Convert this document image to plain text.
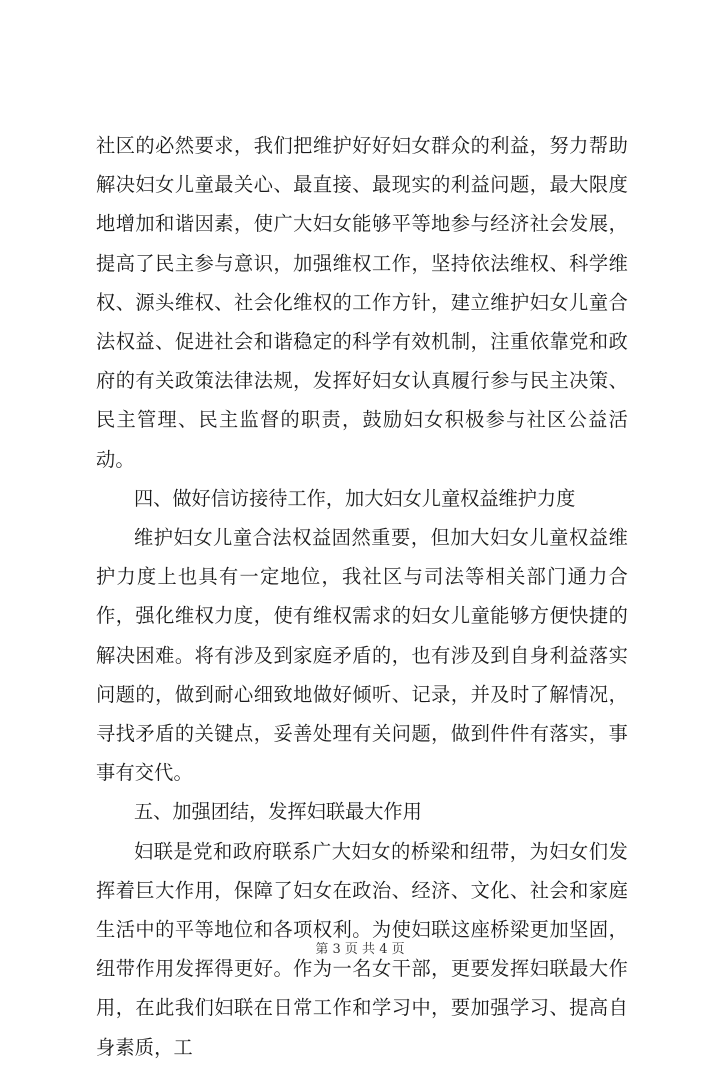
社区的必然要求，我们把维护好好妇女群众的利益，努力帮助解决妇女儿童最关心、最直接、最现实的利益问题，最大限度地增加和谐因素，使广大妇女能够平等地参与经济社会发展，提高了民主参与意识，加强维权工作，坚持依法维权、科学维权、源头维权、社会化维权的工作方针，建立维护妇女儿童合法权益、促进社会和谐稳定的科学有效机制，注重依靠党和政府的有关政策法律法规，发挥好妇女认真履行参与民主决策、民主管理、民主监督的职责，鼓励妇女积极参与社区公益活动。

四、做好信访接待工作，加大妇女儿童权益维护力度

维护妇女儿童合法权益固然重要，但加大妇女儿童权益维护力度上也具有一定地位，我社区与司法等相关部门通力合作，强化维权力度，使有维权需求的妇女儿童能够方便快捷的解决困难。将有涉及到家庭矛盾的，也有涉及到自身利益落实问题的，做到耐心细致地做好倾听、记录，并及时了解情况，寻找矛盾的关键点，妥善处理有关问题，做到件件有落实，事事有交代。

五、加强团结，发挥妇联最大作用

妇联是党和政府联系广大妇女的桥梁和纽带，为妇女们发挥着巨大作用，保障了妇女在政治、经济、文化、社会和家庭生活中的平等地位和各项权利。为使妇联这座桥梁更加坚固，纽带作用发挥得更好。作为一名女干部，更要发挥妇联最大作用，在此我们妇联在日常工作和学习中，要加强学习、提高自身素质，工

第 3 页 共 4 页
